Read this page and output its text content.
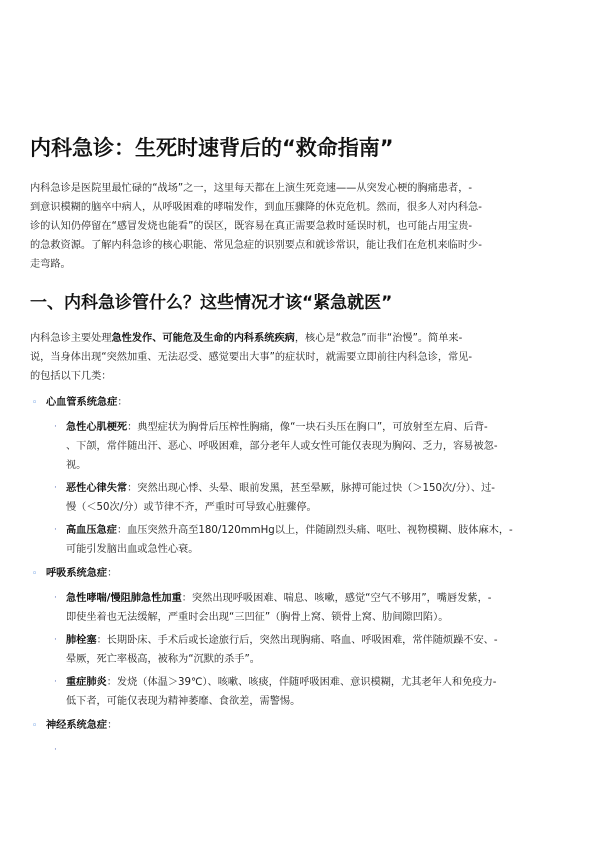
内科急诊：生死时速背后的“救命指南”
内科急诊是医院里最忙碌的“战场”之一，这里每天都在上演生死竞速——从突发心梗的胸痛患者，-
到意识模糊的脑卒中病人，从呼吸困难的哮喘发作，到血压骤降的休克危机。然而，很多人对内科急-
诊的认知仍停留在“感冒发烧也能看”的误区，既容易在真正需要急救时延误时机，也可能占用宝贵-
的急救资源。了解内科急诊的核心职能、常见急症的识别要点和就诊常识，能让我们在危机来临时少-
走弯路。
一、内科急诊管什么？这些情况才该“紧急就医”
内科急诊主要处理急性发作、可能危及生命的内科系统疾病，核心是“救急”而非“治慢”。简单来-
说，当身体出现“突然加重、无法忍受、感觉要出大事”的症状时，就需要立即前往内科急诊，常见-
的包括以下几类：
◦ 心血管系统急症：
· 急性心肌梗死：典型症状为胸骨后压榨性胸痛，像“一块石头压在胸口”，可放射至左肩、后背-
、下颌，常伴随出汗、恶心、呼吸困难，部分老年人或女性可能仅表现为胸闷、乏力，容易被忽-
视。
· 恶性心律失常：突然出现心悸、头晕、眼前发黑，甚至晕厥，脉搏可能过快（＞150次/分）、过-
慢（＜50次/分）或节律不齐，严重时可导致心脏骤停。
· 高血压急症：血压突然升高至180/120mmHg以上，伴随剧烈头痛、呕吐、视物模糊、肢体麻木，-
可能引发脑出血或急性心衰。
◦ 呼吸系统急症：
· 急性哮喘/慢阻肺急性加重：突然出现呼吸困难、喘息、咳嗽，感觉“空气不够用”，嘴唇发紫，-
即使坐着也无法缓解，严重时会出现“三凹征”（胸骨上窝、锁骨上窝、肋间隙凹陷）。
· 肺栓塞：长期卧床、手术后或长途旅行后，突然出现胸痛、咯血、呼吸困难，常伴随烦躁不安、-
晕厥，死亡率极高，被称为“沉默的杀手”。
· 重症肺炎：发烧（体温＞39℃）、咳嗽、咳痰，伴随呼吸困难、意识模糊，尤其老年人和免疫力-
低下者，可能仅表现为精神萎靡、食欲差，需警惕。
◦ 神经系统急症：
·
